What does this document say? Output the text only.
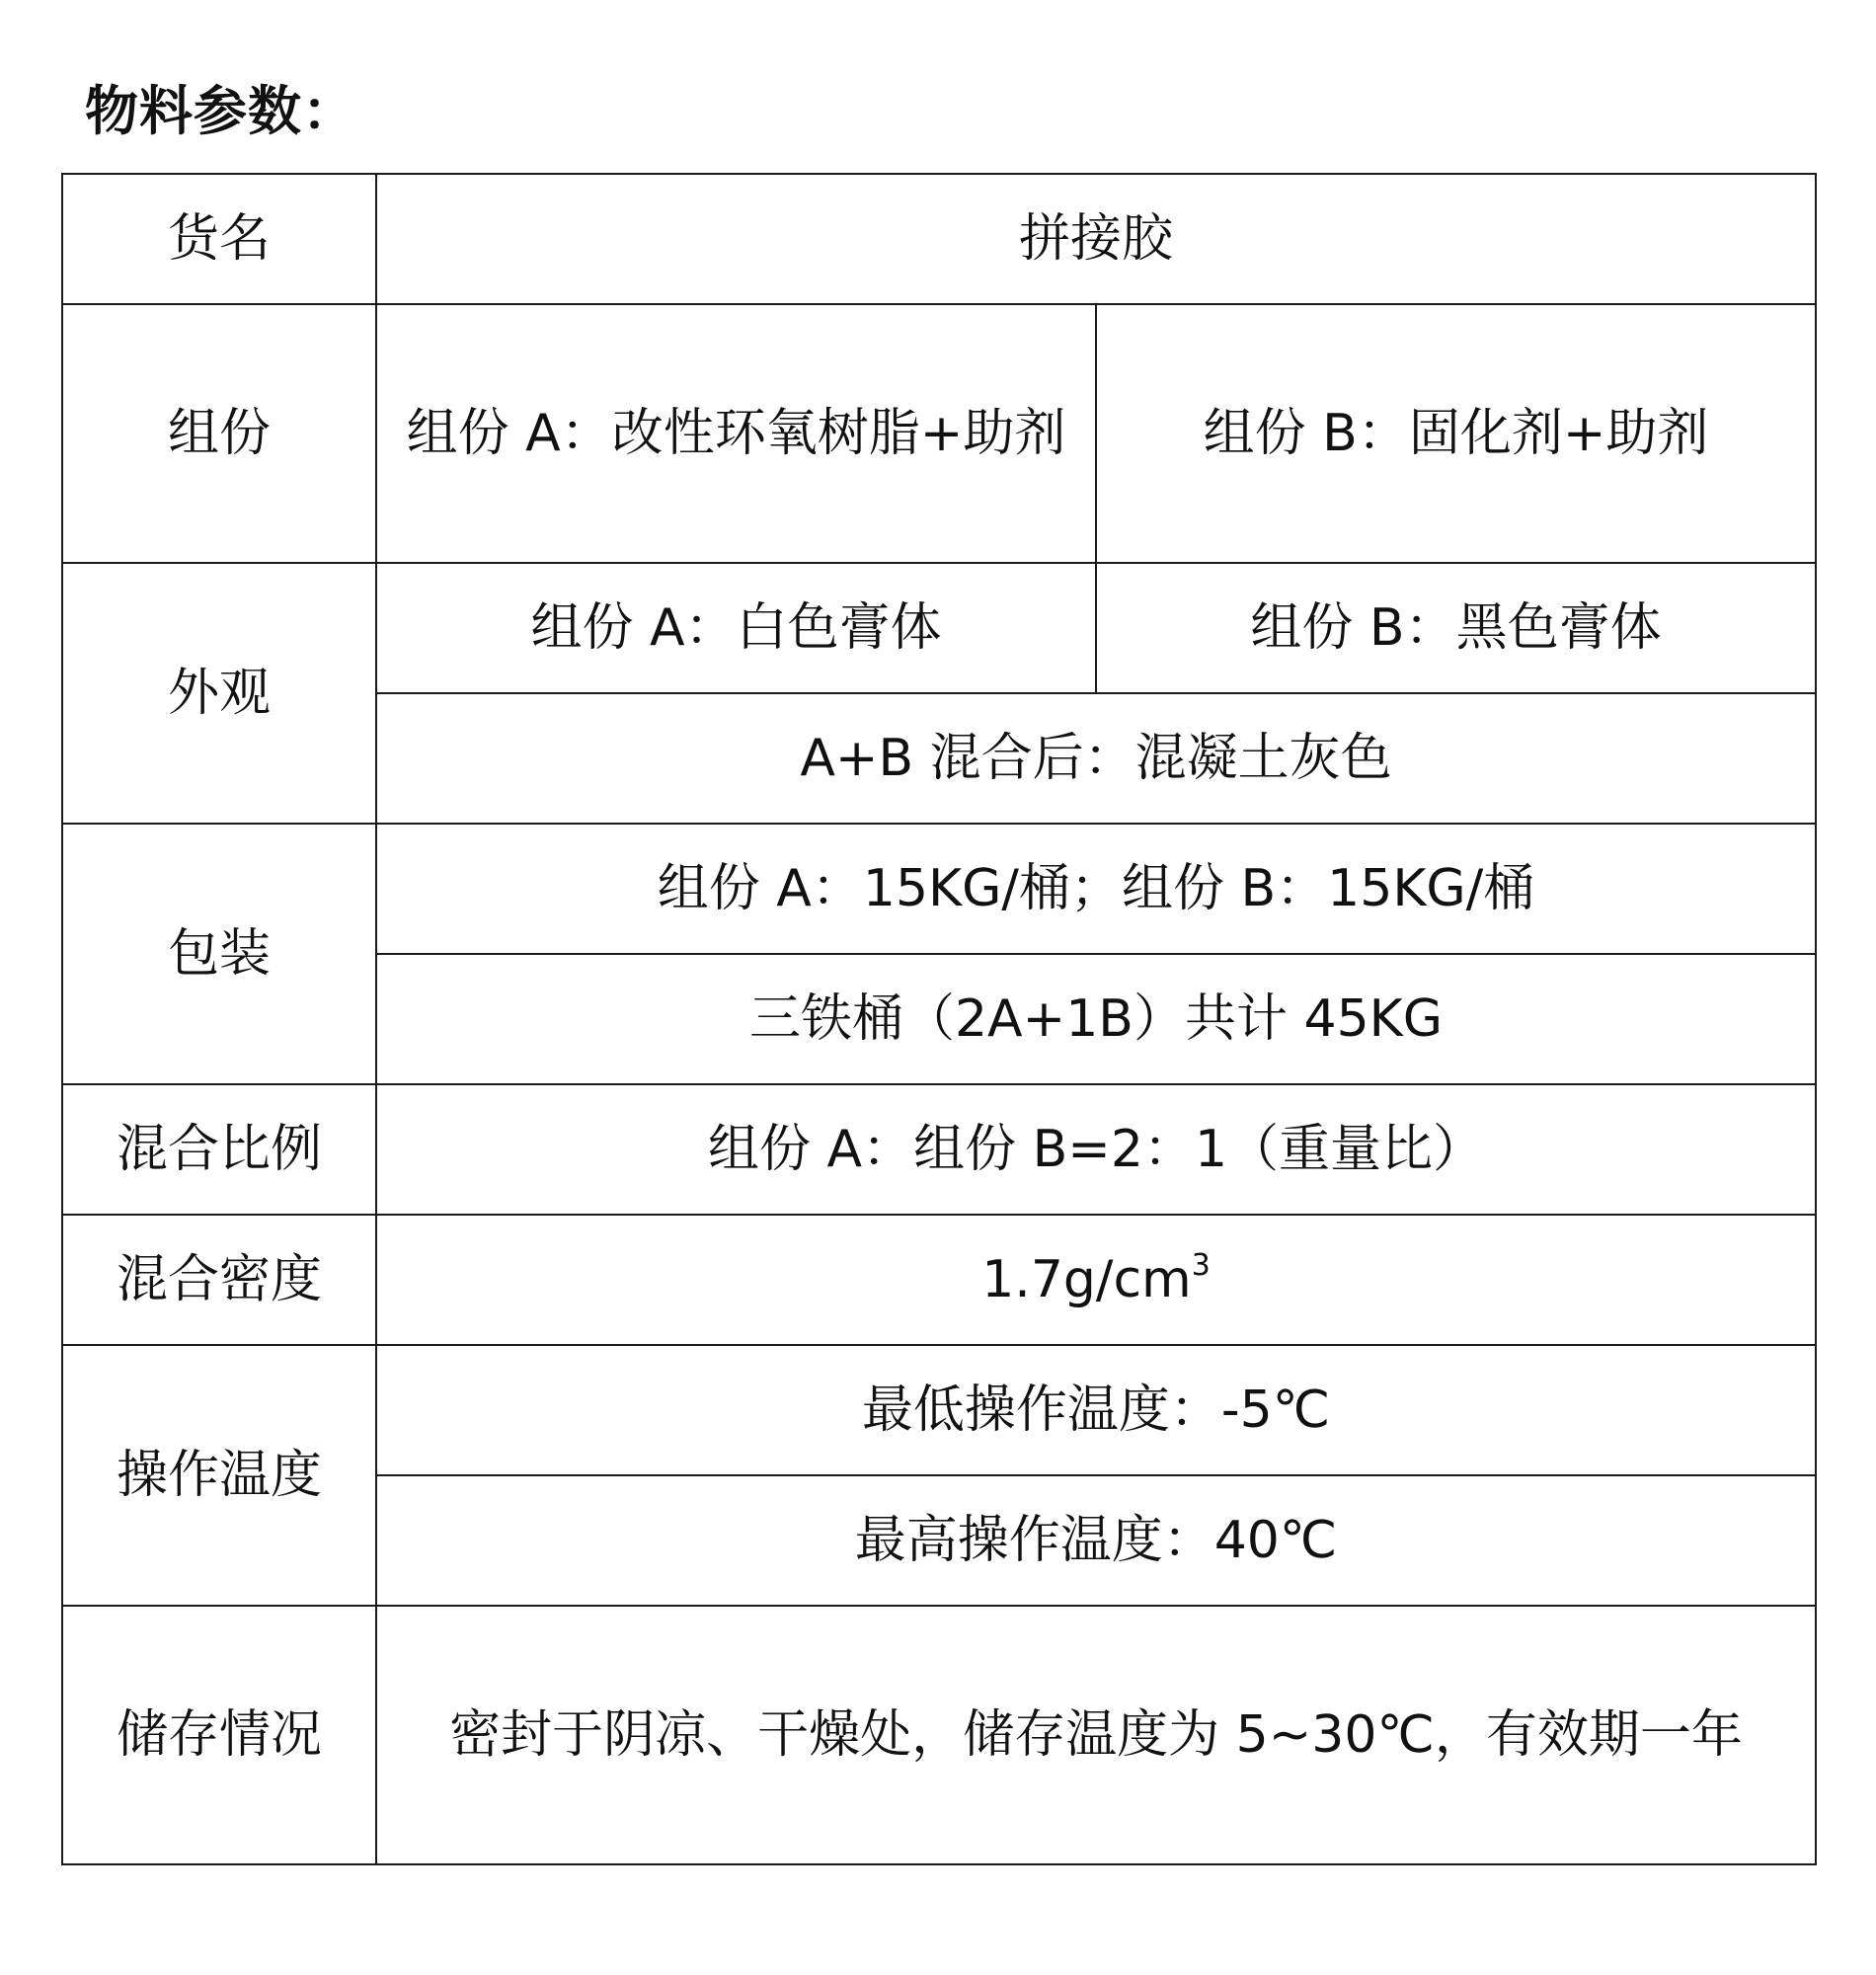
物料参数：
货名	拼接胶	
组份	组份 A：改性环氧树脂+助剂	组份 B：固化剂+助剂
外观	组份 A：白色膏体	组份 B：黑色膏体
	A+B 混合后：混凝土灰色	
包装	组份 A：15KG/桶；组份 B：15KG/桶	
	三铁桶（2A+1B）共计 45KG	
混合比例	组份 A：组份 B=2：1（重量比）	
混合密度	$1.7g/cm^3$
操作温度	最低操作温度：-5℃	
	最高操作温度：40℃	
储存情况	密封于阴凉、干燥处，储存温度为 5~30℃，有效期一年	
